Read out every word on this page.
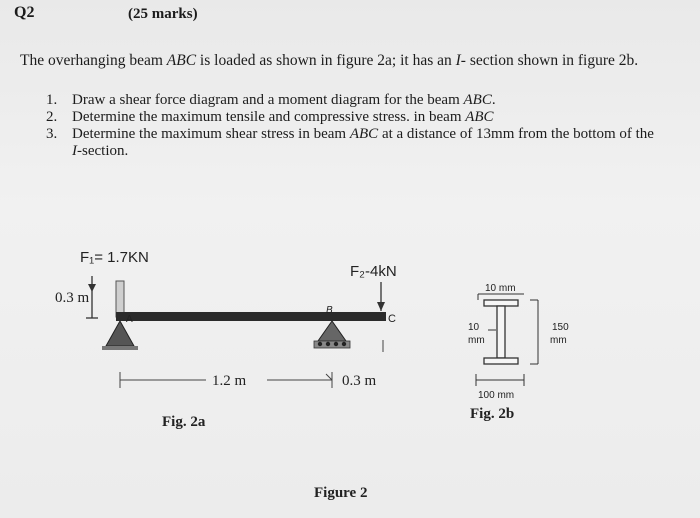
Q2	(25 marks)
The overhanging beam ABC is loaded as shown in figure 2a; it has an I- section shown in figure 2b.
1. Draw a shear force diagram and a moment diagram for the beam ABC.
2. Determine the maximum tensile and compressive stress. in beam ABC
3. Determine the maximum shear stress in beam ABC at a distance of 13mm from the bottom of the I-section.
F₁= 1.7KN
F₂-4kN
0.3 m
A
B
C
1.2 m	0.3 m
Fig. 2a
10 mm
10
mm
150
mm
100 mm
Fig. 2b
Figure 2
